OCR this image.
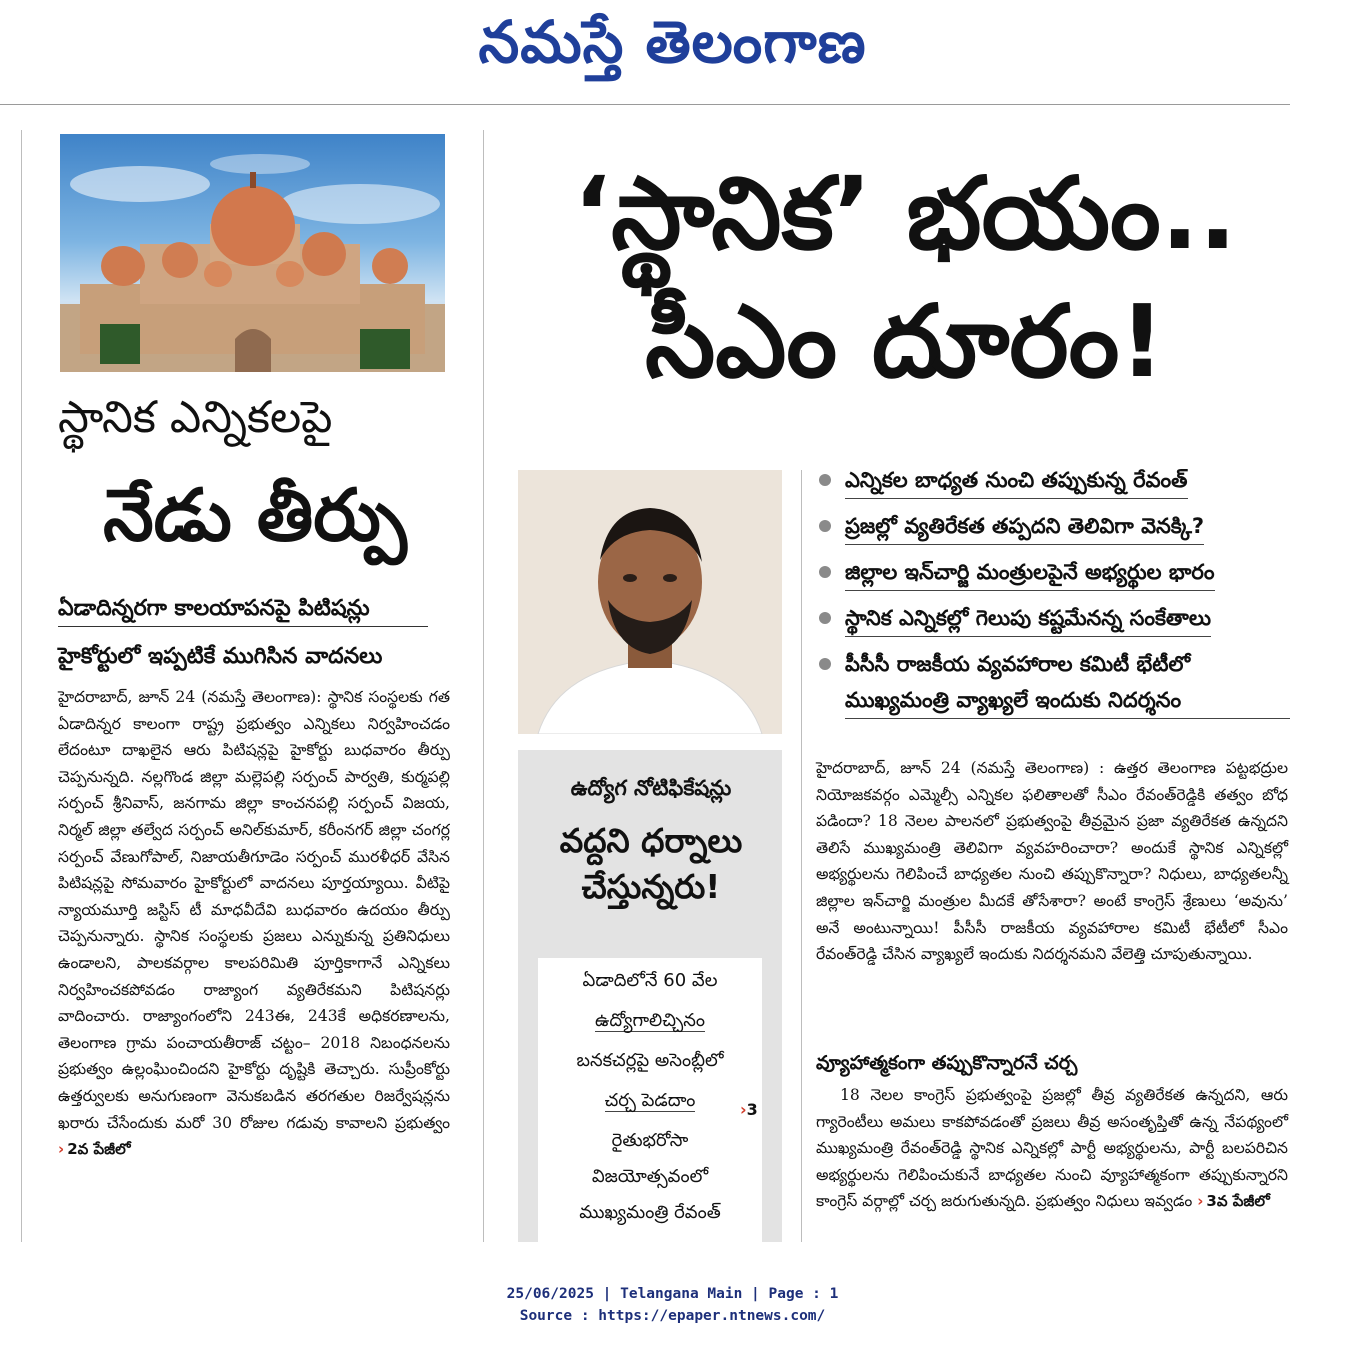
నమస్తే తెలంగాణ
స్థానిక ఎన్నికలపై
నేడు తీర్పు
ఏడాదిన్నరగా కాలయాపనపై పిటిషన్లు
హైకోర్టులో ఇప్పటికే ముగిసిన వాదనలు
హైదరాబాద్, జూన్ 24 (నమస్తే తెలంగాణ): స్థానిక సంస్థలకు గత ఏడాదిన్నర కాలంగా రాష్ట్ర ప్రభుత్వం ఎన్నికలు నిర్వహించడం లేదంటూ దాఖలైన ఆరు పిటిషన్లపై హైకోర్టు బుధవారం తీర్పు చెప్పనున్నది. నల్లగొండ జిల్లా మల్లెపల్లి సర్పంచ్ పార్వతి, కుర్మపల్లి సర్పంచ్ శ్రీనివాస్, జనగామ జిల్లా కాంచనపల్లి సర్పంచ్ విజయ, నిర్మల్ జిల్లా తల్వేద సర్పంచ్ అనిల్‌కుమార్, కరీంనగర్ జిల్లా చంగర్ల సర్పంచ్ వేణుగోపాల్, నిజాయతీగూడెం సర్పంచ్ మురళీధర్ వేసిన పిటిషన్లపై సోమవారం హైకోర్టులో వాదనలు పూర్తయ్యాయి. వీటిపై న్యాయమూర్తి జస్టిస్ టీ మాధవీదేవి బుధవారం ఉదయం తీర్పు చెప్పనున్నారు. స్థానిక సంస్థలకు ప్రజలు ఎన్నుకున్న ప్రతినిధులు ఉండాలని, పాలకవర్గాల కాలపరిమితి పూర్తికాగానే ఎన్నికలు నిర్వహించకపోవడం రాజ్యాంగ వ్యతిరేకమని పిటిషనర్లు వాదించారు. రాజ్యాంగంలోని 243ఈ, 243కే అధికరణాలను, తెలంగాణ గ్రామ పంచాయతీరాజ్ చట్టం– 2018 నిబంధనలను ప్రభుత్వం ఉల్లంఘించిందని హైకోర్టు దృష్టికి తెచ్చారు. సుప్రీంకోర్టు ఉత్తర్వులకు అనుగుణంగా వెనుకబడిన తరగతుల రిజర్వేషన్లను ఖరారు చేసేందుకు మరో 30 రోజుల గడువు కావాలని ప్రభుత్వం › 2వ పేజీలో
‘స్థానిక’ భయం..
సీఎం దూరం!
ఎన్నికల బాధ్యత నుంచి తప్పుకున్న రేవంత్
ప్రజల్లో వ్యతిరేకత తప్పదని తెలివిగా వెనక్కి?
జిల్లాల ఇన్‌చార్జి మంత్రులపైనే అభ్యర్థుల భారం
స్థానిక ఎన్నికల్లో గెలుపు కష్టమేనన్న సంకేతాలు
పీసీసీ రాజకీయ వ్యవహారాల కమిటీ భేటీలో ముఖ్యమంత్రి వ్యాఖ్యలే ఇందుకు నిదర్శనం
హైదరాబాద్, జూన్ 24 (నమస్తే తెలంగాణ) : ఉత్తర తెలంగాణ పట్టభద్రుల నియోజకవర్గం ఎమ్మెల్సీ ఎన్నికల ఫలితాలతో సీఎం రేవంత్‌రెడ్డికి తత్వం బోధ పడిందా? 18 నెలల పాలనలో ప్రభుత్వంపై తీవ్రమైన ప్రజా వ్యతిరేకత ఉన్నదని తెలిసే ముఖ్యమంత్రి తెలివిగా వ్యవహరించారా? అందుకే స్థానిక ఎన్నికల్లో అభ్యర్థులను గెలిపించే బాధ్యతల నుంచి తప్పుకొన్నారా? నిధులు, బాధ్యతలన్నీ జిల్లాల ఇన్‌చార్జి మంత్రుల మీదకే తోసేశారా? అంటే కాంగ్రెస్ శ్రేణులు ‘అవును’ అనే అంటున్నాయి! పీసీసీ రాజకీయ వ్యవహారాల కమిటీ భేటీలో సీఎం రేవంత్‌రెడ్డి చేసిన వ్యాఖ్యలే ఇందుకు నిదర్శనమని వేలెత్తి చూపుతున్నాయి.
వ్యూహాత్మకంగా తప్పుకొన్నారనే చర్చ
18 నెలల కాంగ్రెస్ ప్రభుత్వంపై ప్రజల్లో తీవ్ర వ్యతిరేకత ఉన్నదని, ఆరు గ్యారెంటీలు అమలు కాకపోవడంతో ప్రజలు తీవ్ర అసంతృప్తితో ఉన్న నేపథ్యంలో ముఖ్యమంత్రి రేవంత్‌రెడ్డి స్థానిక ఎన్నికల్లో పార్టీ అభ్యర్థులను, పార్టీ బలపరిచిన అభ్యర్థులను గెలిపించుకునే బాధ్యతల నుంచి వ్యూహాత్మకంగా తప్పుకున్నారని కాంగ్రెస్ వర్గాల్లో చర్చ జరుగుతున్నది. ప్రభుత్వం నిధులు ఇవ్వడం › 3వ పేజీలో
ఉద్యోగ నోటిఫికేషన్లు
వద్దని ధర్నాలు చేస్తున్నరు!
ఏడాదిలోనే 60 వేల
ఉద్యోగాలిచ్చినం
బనకచర్లపై అసెంబ్లీలో
చర్చ పెడదాం	›3
రైతుభరోసా
విజయోత్సవంలో
ముఖ్యమంత్రి రేవంత్
25/06/2025 | Telangana Main | Page : 1
Source : https://epaper.ntnews.com/
